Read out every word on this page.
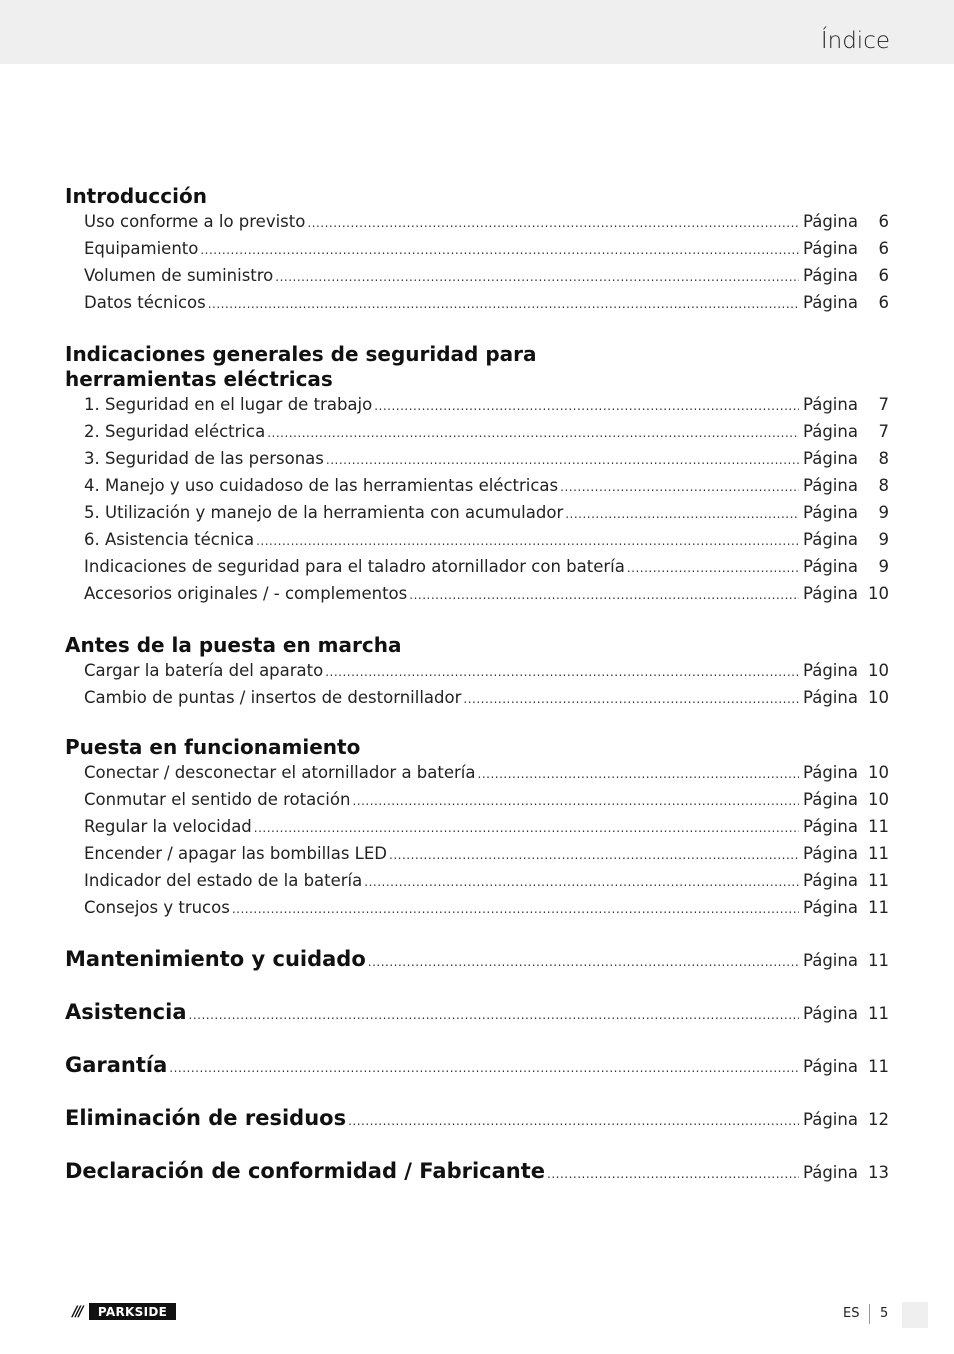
Índice
Introducción
Uso conforme a lo previsto .....	Página	6
Equipamiento .....	Página	6
Volumen de suministro .....	Página	6
Datos técnicos .....	Página	6
Indicaciones generales de seguridad para herramientas eléctricas
1. Seguridad en el lugar de trabajo .....	Página	7
2. Seguridad eléctrica .....	Página	7
3. Seguridad de las personas .....	Página	8
4. Manejo y uso cuidadoso de las herramientas eléctricas .....	Página	8
5. Utilización y manejo de la herramienta con acumulador .....	Página	9
6. Asistencia técnica .....	Página	9
Indicaciones de seguridad para el taladro atornillador con batería .....	Página	9
Accesorios originales / - complementos .....	Página 10
Antes de la puesta en marcha
Cargar la batería del aparato .....	Página 10
Cambio de puntas / insertos de destornillador .....	Página 10
Puesta en funcionamiento
Conectar / desconectar el atornillador a batería .....	Página 10
Conmutar el sentido de rotación .....	Página 10
Regular la velocidad .....	Página 11
Encender / apagar las bombillas LED .....	Página 11
Indicador del estado de la batería .....	Página 11
Consejos y trucos .....	Página 11
Mantenimiento y cuidado .....	Página 11
Asistencia .....	Página 11
Garantía .....	Página 11
Eliminación de residuos .....	Página 12
Declaración de conformidad / Fabricante .....	Página 13
///	PARKSIDE	ES 5
